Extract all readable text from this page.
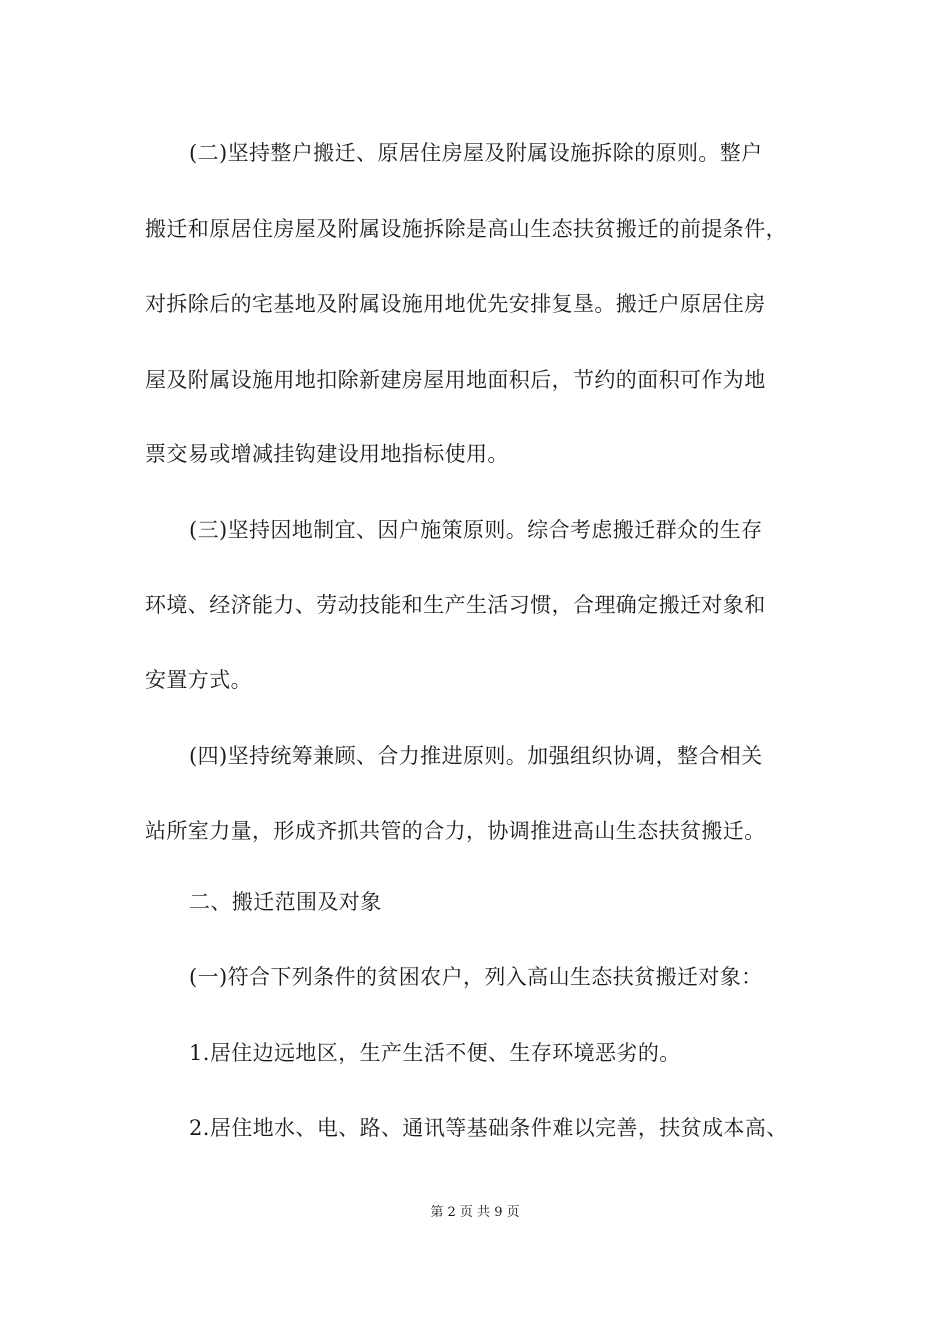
(二)坚持整户搬迁、原居住房屋及附属设施拆除的原则。整户
搬迁和原居住房屋及附属设施拆除是高山生态扶贫搬迁的前提条件，
对拆除后的宅基地及附属设施用地优先安排复垦。搬迁户原居住房
屋及附属设施用地扣除新建房屋用地面积后，节约的面积可作为地
票交易或增减挂钩建设用地指标使用。
(三)坚持因地制宜、因户施策原则。综合考虑搬迁群众的生存
环境、经济能力、劳动技能和生产生活习惯，合理确定搬迁对象和
安置方式。
(四)坚持统筹兼顾、合力推进原则。加强组织协调，整合相关
站所室力量，形成齐抓共管的合力，协调推进高山生态扶贫搬迁。
二、搬迁范围及对象
(一)符合下列条件的贫困农户，列入高山生态扶贫搬迁对象：
1.居住边远地区，生产生活不便、生存环境恶劣的。
2.居住地水、电、路、通讯等基础条件难以完善，扶贫成本高、
第 2 页 共 9 页
